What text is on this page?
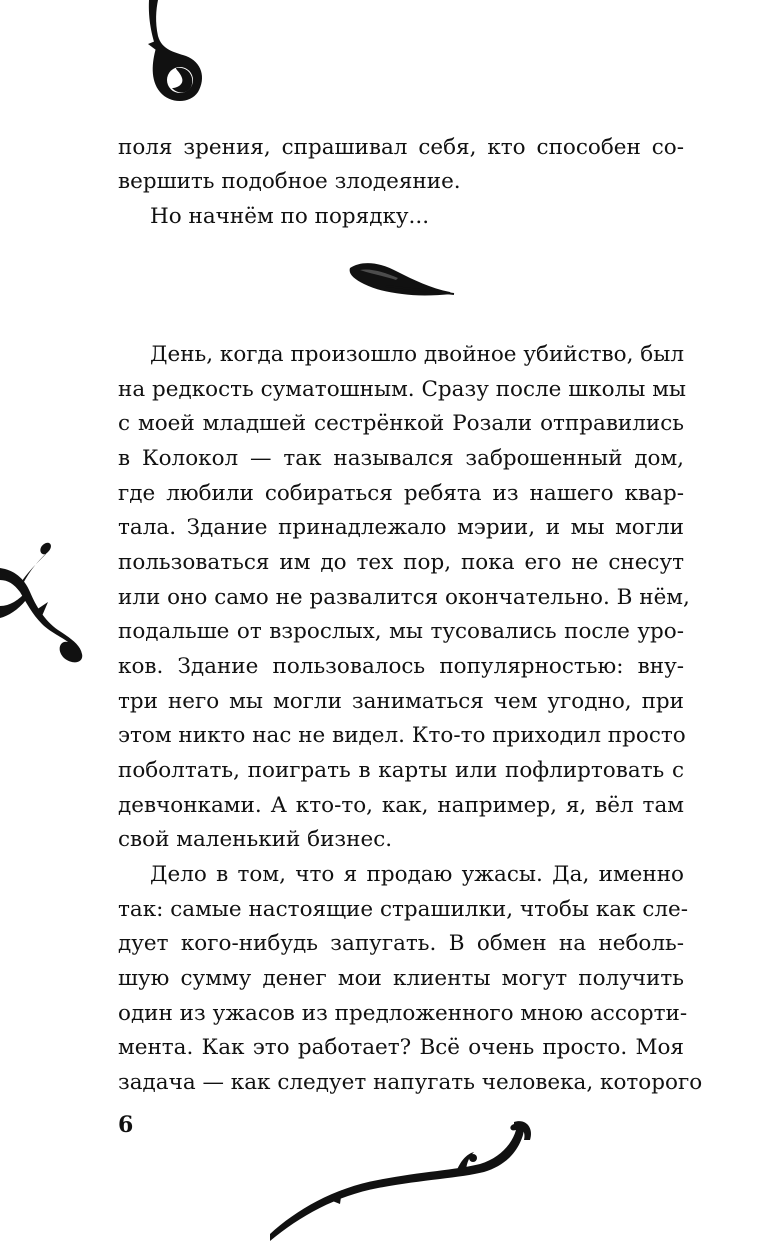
поля зрения, спрашивал себя, кто способен со-
вершить подобное злодеяние.
Но начнём по порядку...
День, когда произошло двойное убийство, был
на редкость суматошным. Сразу после школы мы
с моей младшей сестрёнкой Розали отправились
в Колокол — так назывался заброшенный дом,
где любили собираться ребята из нашего квар-
тала. Здание принадлежало мэрии, и мы могли
пользоваться им до тех пор, пока его не снесут
или оно само не развалится окончательно. В нём,
подальше от взрослых, мы тусовались после уро-
ков. Здание пользовалось популярностью: вну-
три него мы могли заниматься чем угодно, при
этом никто нас не видел. Кто-то приходил просто
поболтать, поиграть в карты или пофлиртовать с
девчонками. А кто-то, как, например, я, вёл там
свой маленький бизнес.
Дело в том, что я продаю ужасы. Да, именно
так: самые настоящие страшилки, чтобы как сле-
дует кого-нибудь запугать. В обмен на неболь-
шую сумму денег мои клиенты могут получить
один из ужасов из предложенного мною ассорти-
мента. Как это работает? Всё очень просто. Моя
задача — как следует напугать человека, которого
6
